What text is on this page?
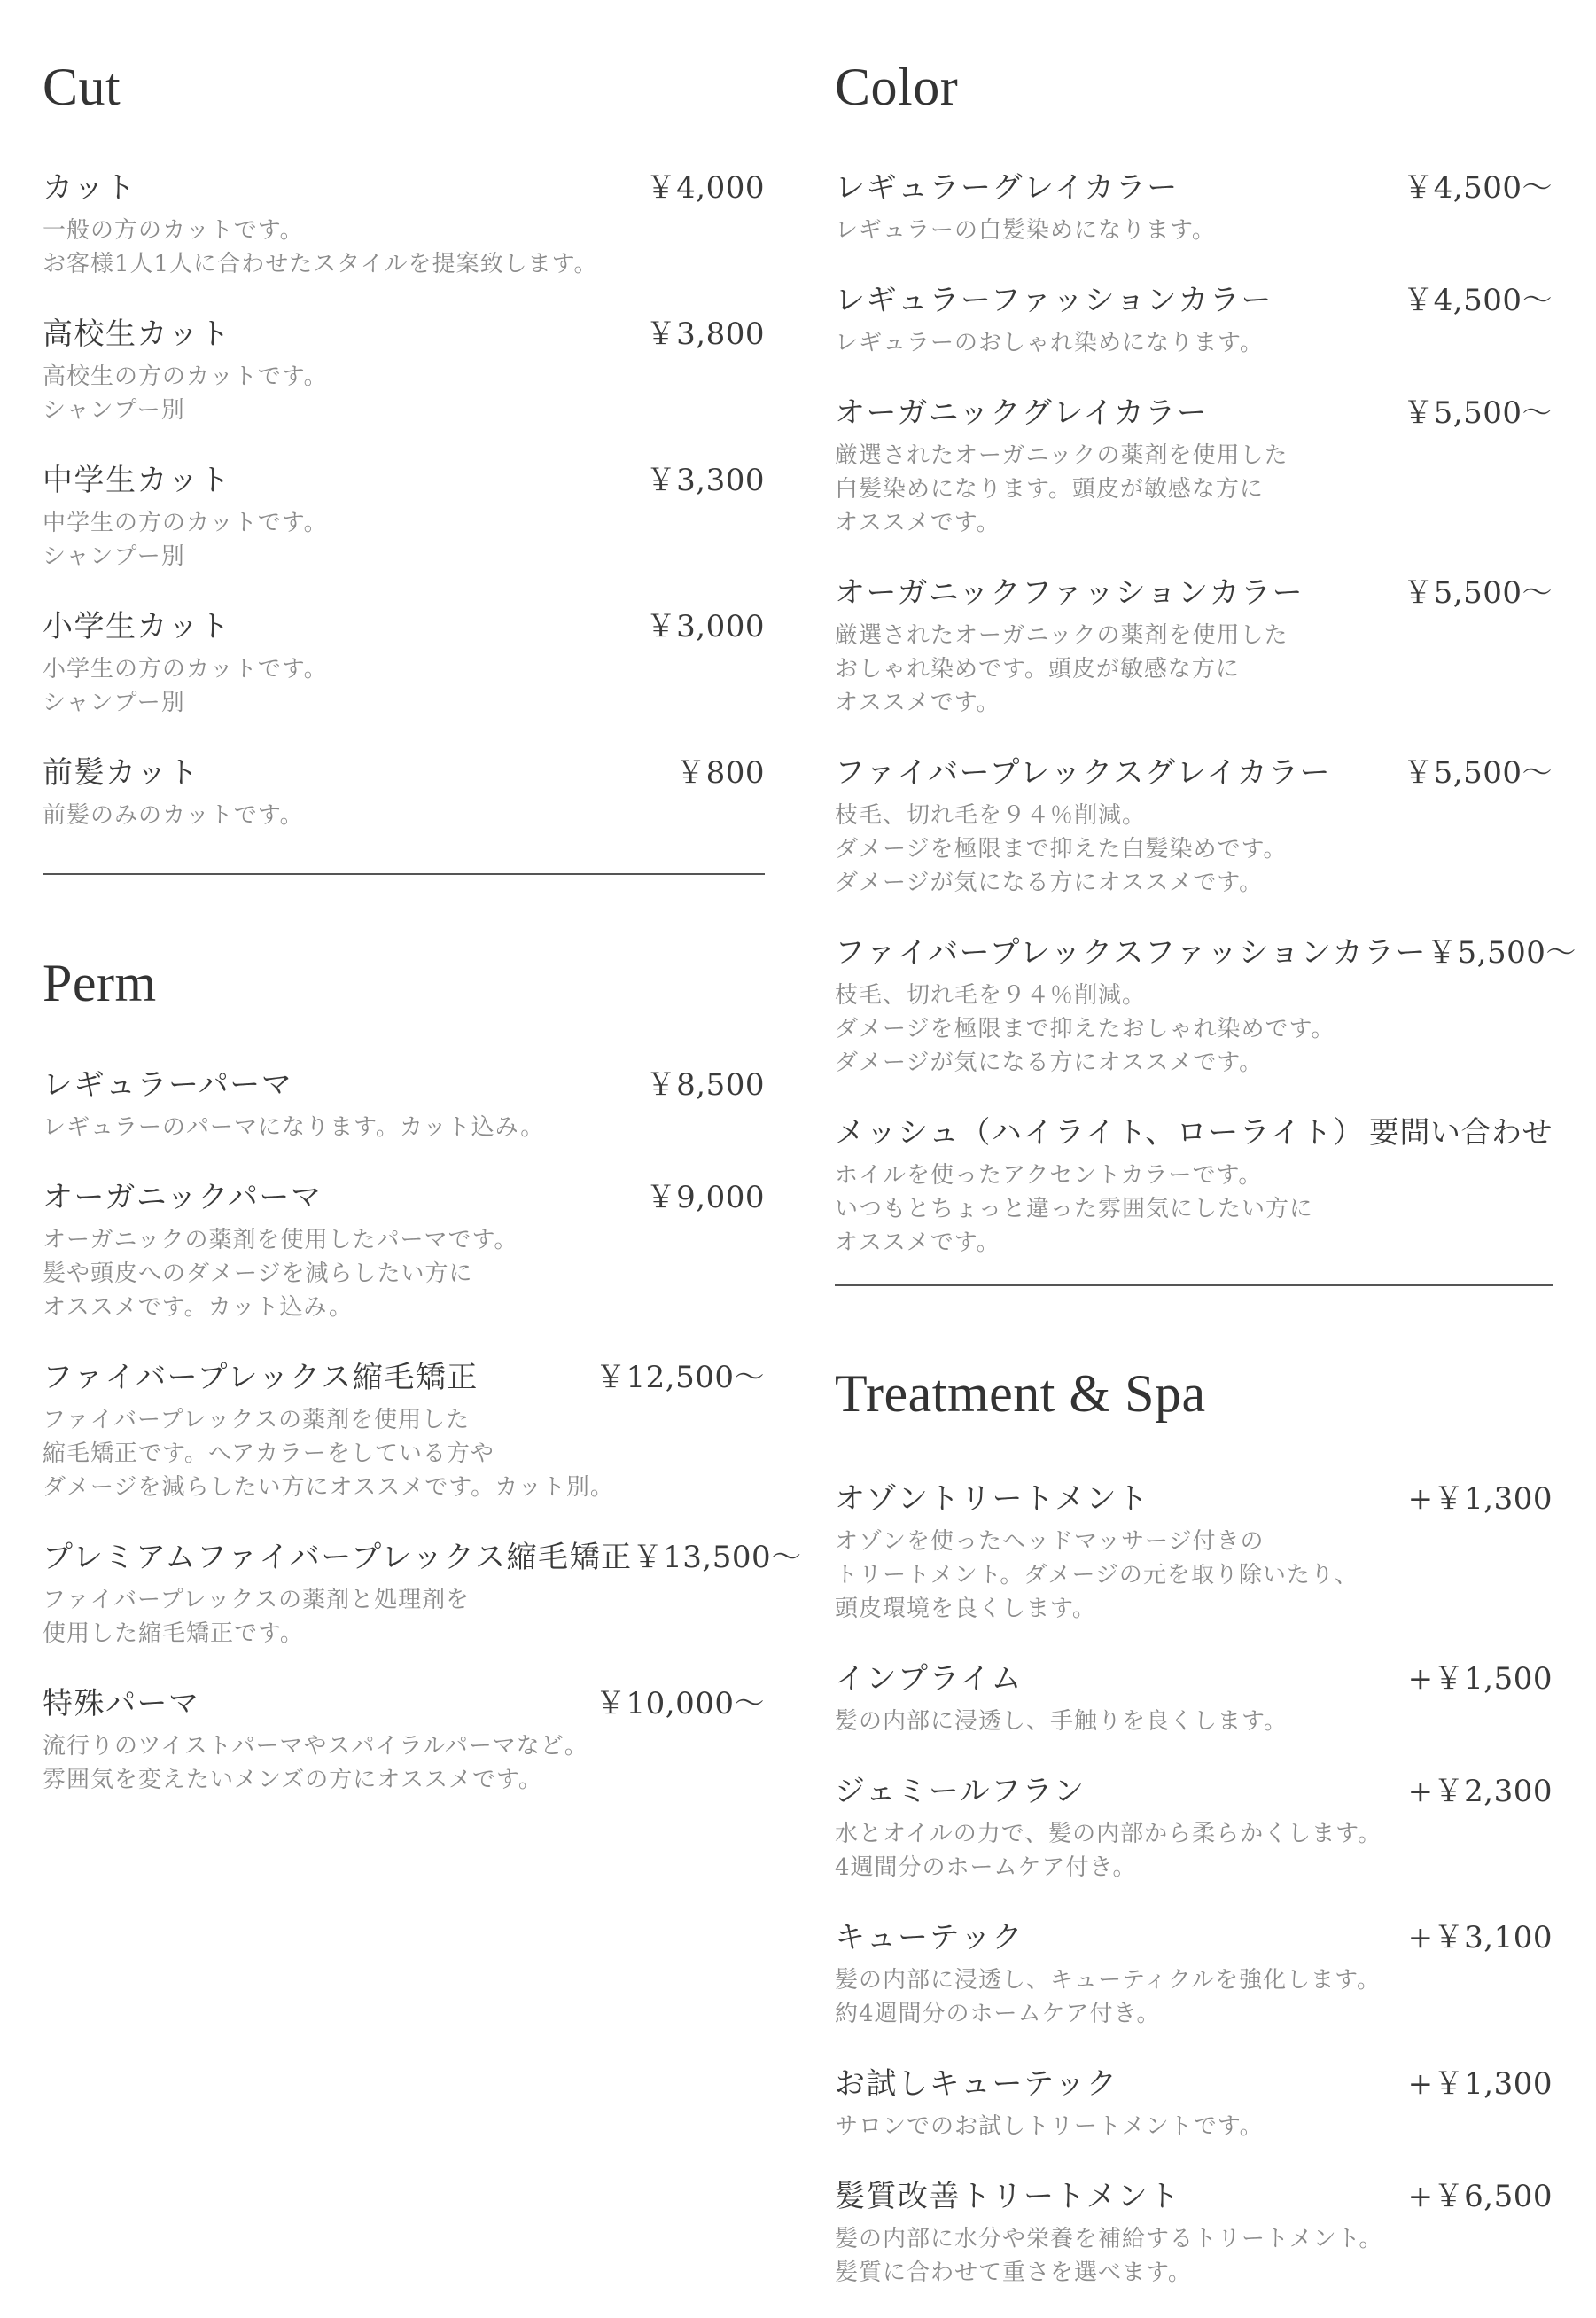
Cut
カット	￥4,000
一般の方のカットです。
お客様1人1人に合わせたスタイルを提案致します。
高校生カット	￥3,800
高校生の方のカットです。
シャンプー別
中学生カット	￥3,300
中学生の方のカットです。
シャンプー別
小学生カット	￥3,000
小学生の方のカットです。
シャンプー別
前髪カット	￥800
前髪のみのカットです。
Perm
レギュラーパーマ	￥8,500
レギュラーのパーマになります。カット込み。
オーガニックパーマ	￥9,000
オーガニックの薬剤を使用したパーマです。
髪や頭皮へのダメージを減らしたい方に
オススメです。カット込み。
ファイバープレックス縮毛矯正	￥12,500〜
ファイバープレックスの薬剤を使用した
縮毛矯正です。ヘアカラーをしている方や
ダメージを減らしたい方にオススメです。カット別。
プレミアムファイバープレックス縮毛矯正 ￥13,500〜
ファイバープレックスの薬剤と処理剤を
使用した縮毛矯正です。
特殊パーマ	￥10,000〜
流行りのツイストパーマやスパイラルパーマなど。
雰囲気を変えたいメンズの方にオススメです。
Color
レギュラーグレイカラー	￥4,500〜
レギュラーの白髪染めになります。
レギュラーファッションカラー	￥4,500〜
レギュラーのおしゃれ染めになります。
オーガニックグレイカラー	￥5,500〜
厳選されたオーガニックの薬剤を使用した
白髪染めになります。頭皮が敏感な方に
オススメです。
オーガニックファッションカラー	￥5,500〜
厳選されたオーガニックの薬剤を使用した
おしゃれ染めです。頭皮が敏感な方に
オススメです。
ファイバープレックスグレイカラー ￥5,500〜
枝毛、切れ毛を９４％削減。
ダメージを極限まで抑えた白髪染めです。
ダメージが気になる方にオススメです。
ファイバープレックスファッションカラー ￥5,500〜
枝毛、切れ毛を９４％削減。
ダメージを極限まで抑えたおしゃれ染めです。
ダメージが気になる方にオススメです。
メッシュ（ハイライト、ローライト） 要問い合わせ
ホイルを使ったアクセントカラーです。
いつもとちょっと違った雰囲気にしたい方に
オススメです。
Treatment & Spa
オゾントリートメント	+￥1,300
オゾンを使ったヘッドマッサージ付きの
トリートメント。ダメージの元を取り除いたり、
頭皮環境を良くします。
インプライム	+￥1,500
髪の内部に浸透し、手触りを良くします。
ジェミールフラン	+￥2,300
水とオイルの力で、髪の内部から柔らかくします。
4週間分のホームケア付き。
キューテック	+￥3,100
髪の内部に浸透し、キューティクルを強化します。
約4週間分のホームケア付き。
お試しキューテック	+￥1,300
サロンでのお試しトリートメントです。
髪質改善トリートメント	+￥6,500
髪の内部に水分や栄養を補給するトリートメント。
髪質に合わせて重さを選べます。
